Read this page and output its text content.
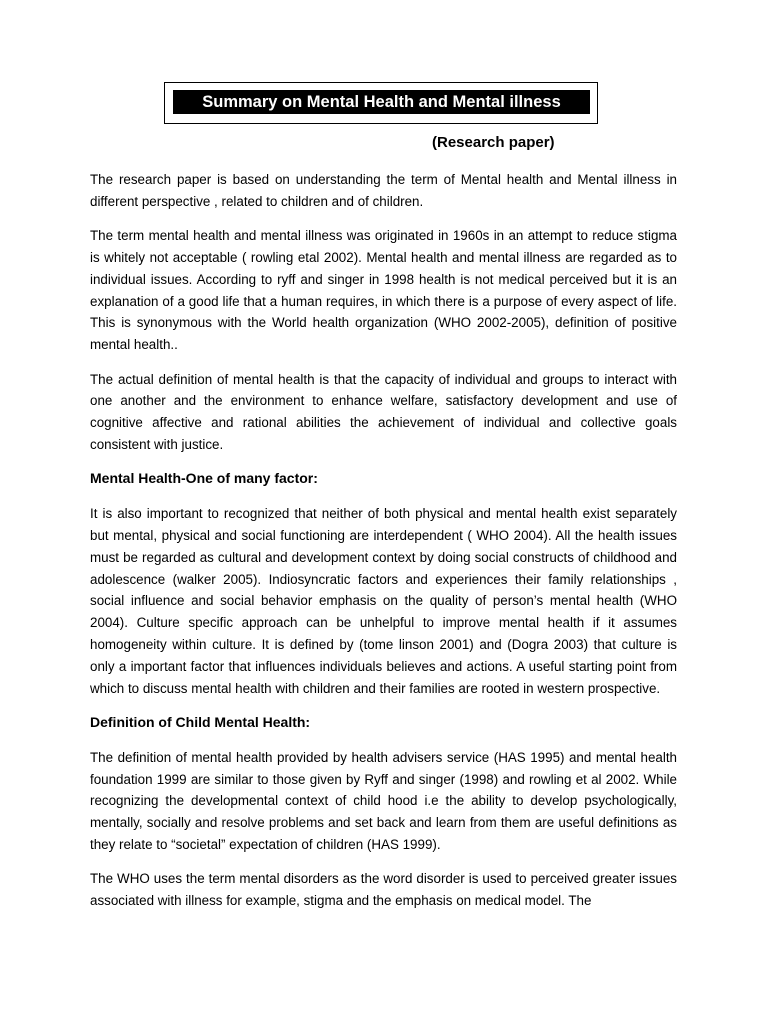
Summary on Mental Health and Mental illness
(Research paper)

The research paper is based on understanding the term of Mental health and Mental illness in different perspective , related to children and of children.

The term mental health and mental illness was originated in 1960s in an attempt to reduce stigma is whitely not acceptable ( rowling etal 2002). Mental health and mental illness are regarded as to individual issues. According to ryff and singer in 1998 health is not medical perceived but it is an explanation of a good life that a human requires, in which there is a purpose of every aspect of life. This is synonymous with the World health organization (WHO 2002-2005), definition of positive mental health..

The actual definition of mental health is that the capacity of individual and groups to interact with one another and the environment to enhance welfare, satisfactory development and use of cognitive affective and rational abilities the achievement of individual and collective goals consistent with justice.

Mental Health-One of many factor:

It is also important to recognized that neither of both physical and mental health exist separately but mental, physical and social functioning are interdependent ( WHO 2004). All the health issues must be regarded as cultural and development context by doing social constructs of childhood and adolescence (walker 2005). Indiosyncratic factors and experiences their family relationships , social influence and social behavior emphasis on the quality of person’s mental health (WHO 2004). Culture specific approach can be unhelpful to improve mental health if it assumes homogeneity within culture. It is defined by (tome linson 2001) and (Dogra 2003) that culture is only a important factor that influences individuals believes and actions. A useful starting point from which to discuss mental health with children and their families are rooted in western prospective.

Definition of Child Mental Health:

The definition of mental health provided by health advisers service (HAS 1995) and mental health foundation 1999 are similar to those given by Ryff and singer (1998) and rowling et al 2002. While recognizing the developmental context of child hood i.e the ability to develop psychologically, mentally, socially and resolve problems and set back and learn from them are useful definitions as they relate to “societal” expectation of children (HAS 1999).

The WHO uses the term mental disorders as the word disorder is used to perceived greater issues associated with illness for example, stigma and the emphasis on medical model. The
